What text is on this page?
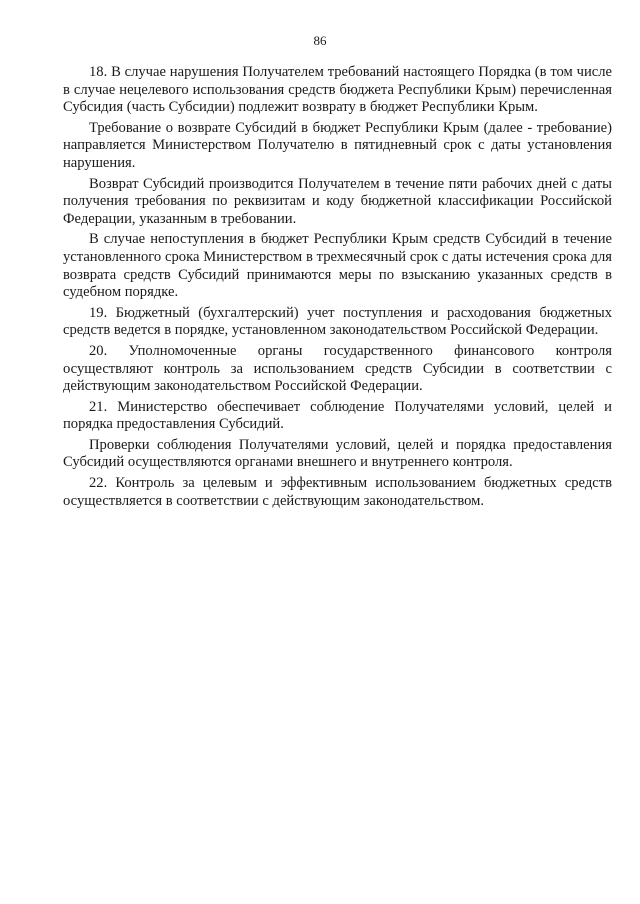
86

18. В случае нарушения Получателем требований настоящего Порядка (в том числе в случае нецелевого использования средств бюджета Республики Крым) перечисленная Субсидия (часть Субсидии) подлежит возврату в бюджет Республики Крым.

Требование о возврате Субсидий в бюджет Республики Крым (далее - требование) направляется Министерством Получателю в пятидневный срок с даты установления нарушения.

Возврат Субсидий производится Получателем в течение пяти рабочих дней с даты получения требования по реквизитам и коду бюджетной классификации Российской Федерации, указанным в требовании.

В случае непоступления в бюджет Республики Крым средств Субсидий в течение установленного срока Министерством в трехмесячный срок с даты истечения срока для возврата средств Субсидий принимаются меры по взысканию указанных средств в судебном порядке.

19. Бюджетный (бухгалтерский) учет поступления и расходования бюджетных средств ведется в порядке, установленном законодательством Российской Федерации.

20. Уполномоченные органы государственного финансового контроля осуществляют контроль за использованием средств Субсидии в соответствии с действующим законодательством Российской Федерации.

21. Министерство обеспечивает соблюдение Получателями условий, целей и порядка предоставления Субсидий.

Проверки соблюдения Получателями условий, целей и порядка предоставления Субсидий осуществляются органами внешнего и внутреннего контроля.

22. Контроль за целевым и эффективным использованием бюджетных средств осуществляется в соответствии с действующим законодательством.
